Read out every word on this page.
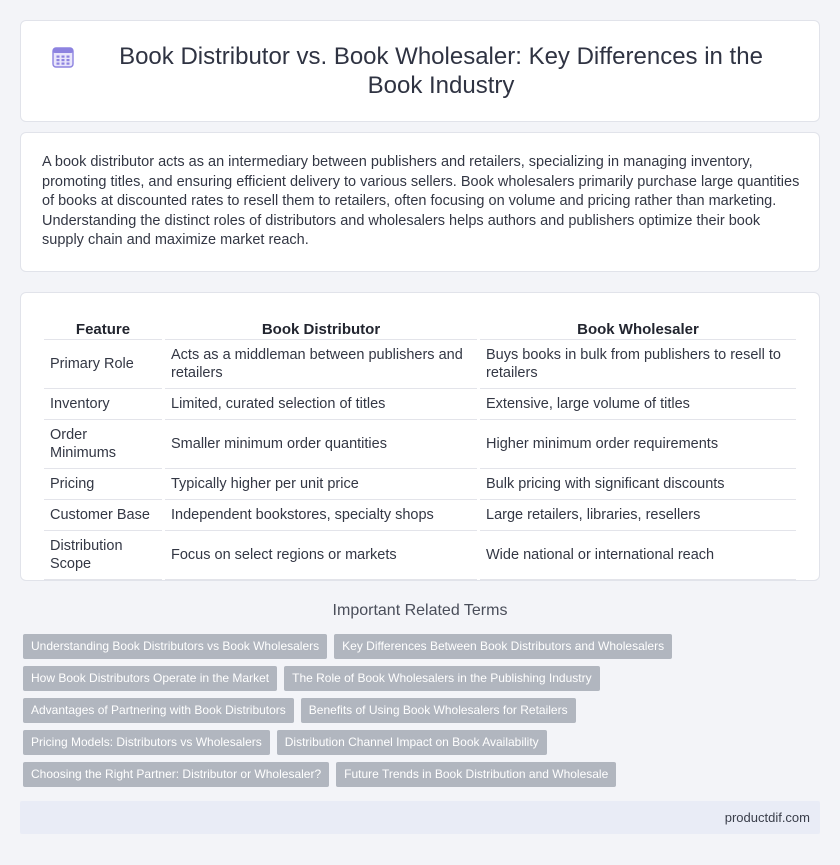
Book Distributor vs. Book Wholesaler: Key Differences in the Book Industry

A book distributor acts as an intermediary between publishers and retailers, specializing in managing inventory, promoting titles, and ensuring efficient delivery to various sellers. Book wholesalers primarily purchase large quantities of books at discounted rates to resell them to retailers, often focusing on volume and pricing rather than marketing. Understanding the distinct roles of distributors and wholesalers helps authors and publishers optimize their book supply chain and maximize market reach.

Feature	Book Distributor	Book Wholesaler
Primary Role	Acts as a middleman between publishers and retailers	Buys books in bulk from publishers to resell to retailers
Inventory	Limited, curated selection of titles	Extensive, large volume of titles
Order Minimums	Smaller minimum order quantities	Higher minimum order requirements
Pricing	Typically higher per unit price	Bulk pricing with significant discounts
Customer Base	Independent bookstores, specialty shops	Large retailers, libraries, resellers
Distribution Scope	Focus on select regions or markets	Wide national or international reach
Important Related Terms
Understanding Book Distributors vs Book Wholesalers	Key Differences Between Book Distributors and Wholesalers
How Book Distributors Operate in the Market	The Role of Book Wholesalers in the Publishing Industry
Advantages of Partnering with Book Distributors	Benefits of Using Book Wholesalers for Retailers
Pricing Models: Distributors vs Wholesalers	Distribution Channel Impact on Book Availability
Choosing the Right Partner: Distributor or Wholesaler?	Future Trends in Book Distribution and Wholesale
productdif.com
